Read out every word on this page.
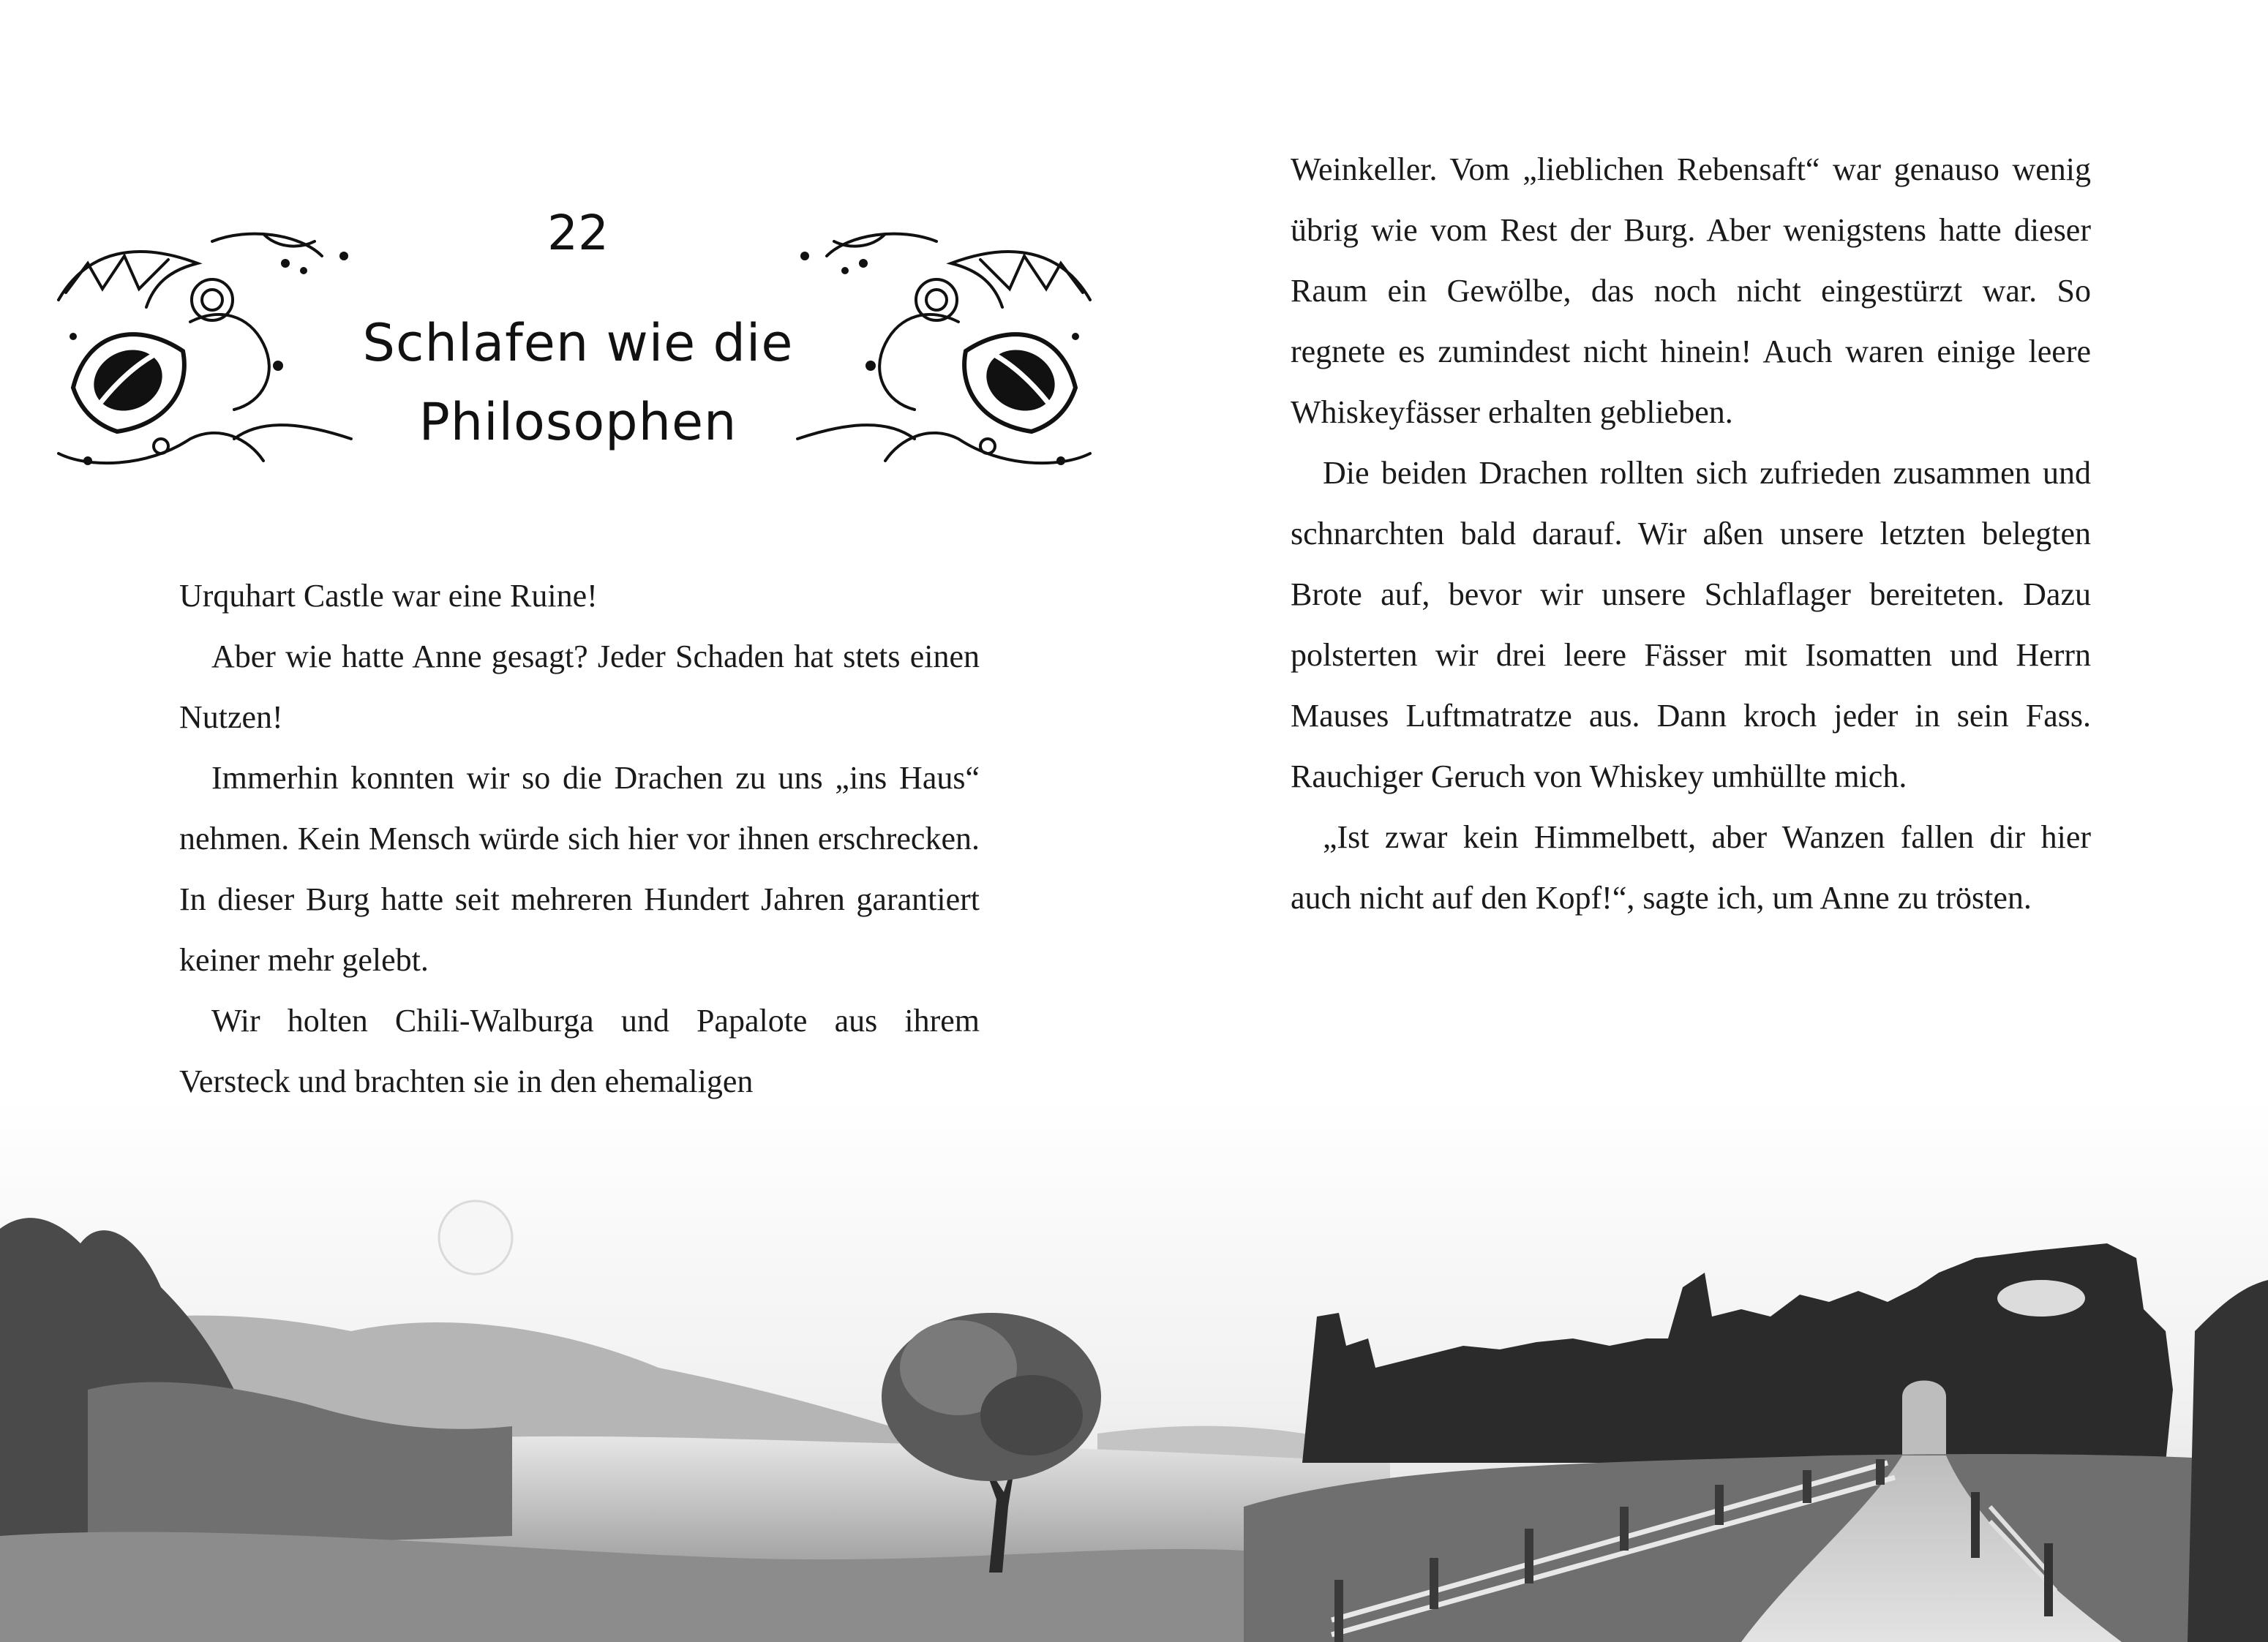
22
Schlafen wie die
Philosophen

Urquhart Castle war eine Ruine!

Aber wie hatte Anne gesagt? Jeder Schaden hat stets einen Nutzen!

Immerhin konnten wir so die Drachen zu uns „ins Haus“ nehmen. Kein Mensch würde sich hier vor ihnen erschrecken. In dieser Burg hatte seit mehreren Hundert Jahren garantiert keiner mehr gelebt.

Wir holten Chili-Walburga und Papalote aus ihrem Versteck und brachten sie in den ehemaligen

Weinkeller. Vom „lieblichen Rebensaft“ war genauso wenig übrig wie vom Rest der Burg. Aber wenigstens hatte dieser Raum ein Gewölbe, das noch nicht eingestürzt war. So regnete es zumindest nicht hinein! Auch waren einige leere Whiskeyfässer erhalten geblieben.

Die beiden Drachen rollten sich zufrieden zusammen und schnarchten bald darauf. Wir aßen unsere letzten belegten Brote auf, bevor wir unsere Schlaflager bereiteten. Dazu polsterten wir drei leere Fässer mit Isomatten und Herrn Mauses Luftmatratze aus. Dann kroch jeder in sein Fass. Rauchiger Geruch von Whiskey umhüllte mich.

„Ist zwar kein Himmelbett, aber Wanzen fallen dir hier auch nicht auf den Kopf!“, sagte ich, um Anne zu trösten.
